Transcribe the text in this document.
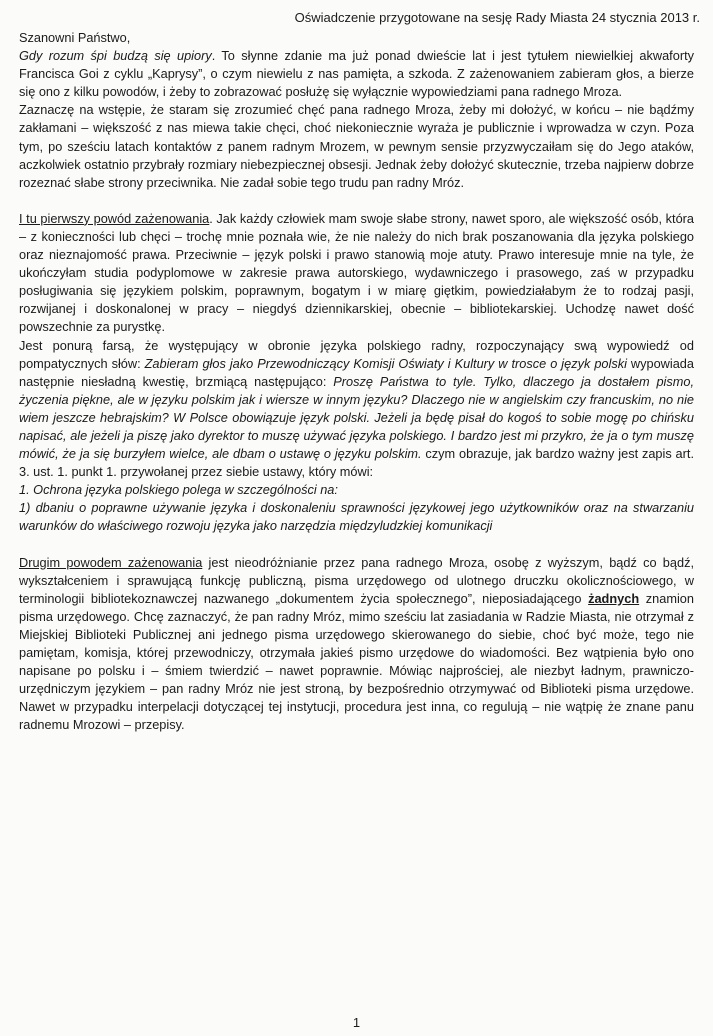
Oświadczenie przygotowane na sesję Rady Miasta 24 stycznia 2013 r.

Szanowni Państwo,

Gdy rozum śpi budzą się upiory. To słynne zdanie ma już ponad dwieście lat i jest tytułem niewielkiej akwaforty Francisca Goi z cyklu „Kaprysy”, o czym niewielu z nas pamięta, a szkoda. Z zażenowaniem zabieram głos, a bierze się ono z kilku powodów, i żeby to zobrazować posłużę się wyłącznie wypowiedziami pana radnego Mroza.

Zaznaczę na wstępie, że staram się zrozumieć chęć pana radnego Mroza, żeby mi dołożyć, w końcu – nie bądźmy zakłamani – większość z nas miewa takie chęci, choć niekoniecznie wyraża je publicznie i wprowadza w czyn. Poza tym, po sześciu latach kontaktów z panem radnym Mrozem, w pewnym sensie przyzwyczaiłam się do Jego ataków, aczkolwiek ostatnio przybrały rozmiary niebezpiecznej obsesji. Jednak żeby dołożyć skutecznie, trzeba najpierw dobrze rozeznać słabe strony przeciwnika. Nie zadał sobie tego trudu pan radny Mróz.

I tu pierwszy powód zażenowania. Jak każdy człowiek mam swoje słabe strony, nawet sporo, ale większość osób, która – z konieczności lub chęci – trochę mnie poznała wie, że nie należy do nich brak poszanowania dla języka polskiego oraz nieznajomość prawa. Przeciwnie – język polski i prawo stanowią moje atuty. Prawo interesuje mnie na tyle, że ukończyłam studia podyplomowe w zakresie prawa autorskiego, wydawniczego i prasowego, zaś w przypadku posługiwania się językiem polskim, poprawnym, bogatym i w miarę giętkim, powiedziałabym że to rodzaj pasji, rozwijanej i doskonalonej w pracy – niegdyś dziennikarskiej, obecnie – bibliotekarskiej. Uchodzę nawet dość powszechnie za purystkę.

Jest ponurą farsą, że występujący w obronie języka polskiego radny, rozpoczynający swą wypowiedź od pompatycznych słów: Zabieram głos jako Przewodniczący Komisji Oświaty i Kultury w trosce o język polski wypowiada następnie niesładną kwestię, brzmiącą następująco: Proszę Państwa to tyle. Tylko, dlaczego ja dostałem pismo, życzenia piękne, ale w języku polskim jak i wiersze w innym języku? Dlaczego nie w angielskim czy francuskim, no nie wiem jeszcze hebrajskim? W Polsce obowiązuje język polski. Jeżeli ja będę pisał do kogoś to sobie mogę po chińsku napisać, ale jeżeli ja piszę jako dyrektor to muszę używać języka polskiego. I bardzo jest mi przykro, że ja o tym muszę mówić, że ja się burzyłem wielce, ale dbam o ustawę o języku polskim. czym obrazuje, jak bardzo ważny jest zapis art. 3. ust. 1. punkt 1. przywołanej przez siebie ustawy, który mówi:

1. Ochrona języka polskiego polega w szczególności na:

1) dbaniu o poprawne używanie języka i doskonaleniu sprawności językowej jego użytkowników oraz na stwarzaniu warunków do właściwego rozwoju języka jako narzędzia międzyludzkiej komunikacji

Drugim powodem zażenowania jest nieodróżnianie przez pana radnego Mroza, osobę z wyższym, bądź co bądź, wykształceniem i sprawującą funkcję publiczną, pisma urzędowego od ulotnego druczku okolicznościowego, w terminologii bibliotekoznawczej nazwanego „dokumentem życia społecznego”, nieposiadającego żadnych znamion pisma urzędowego. Chcę zaznaczyć, że pan radny Mróz, mimo sześciu lat zasiadania w Radzie Miasta, nie otrzymał z Miejskiej Biblioteki Publicznej ani jednego pisma urzędowego skierowanego do siebie, choć być może, tego nie pamiętam, komisja, której przewodniczy, otrzymała jakieś pismo urzędowe do wiadomości. Bez wątpienia było ono napisane po polsku i – śmiem twierdzić – nawet poprawnie. Mówiąc najprościej, ale niezbyt ładnym, prawniczo-urzędniczym językiem – pan radny Mróz nie jest stroną, by bezpośrednio otrzymywać od Biblioteki pisma urzędowe. Nawet w przypadku interpelacji dotyczącej tej instytucji, procedura jest inna, co regulują – nie wątpię że znane panu radnemu Mrozowi – przepisy.

1
